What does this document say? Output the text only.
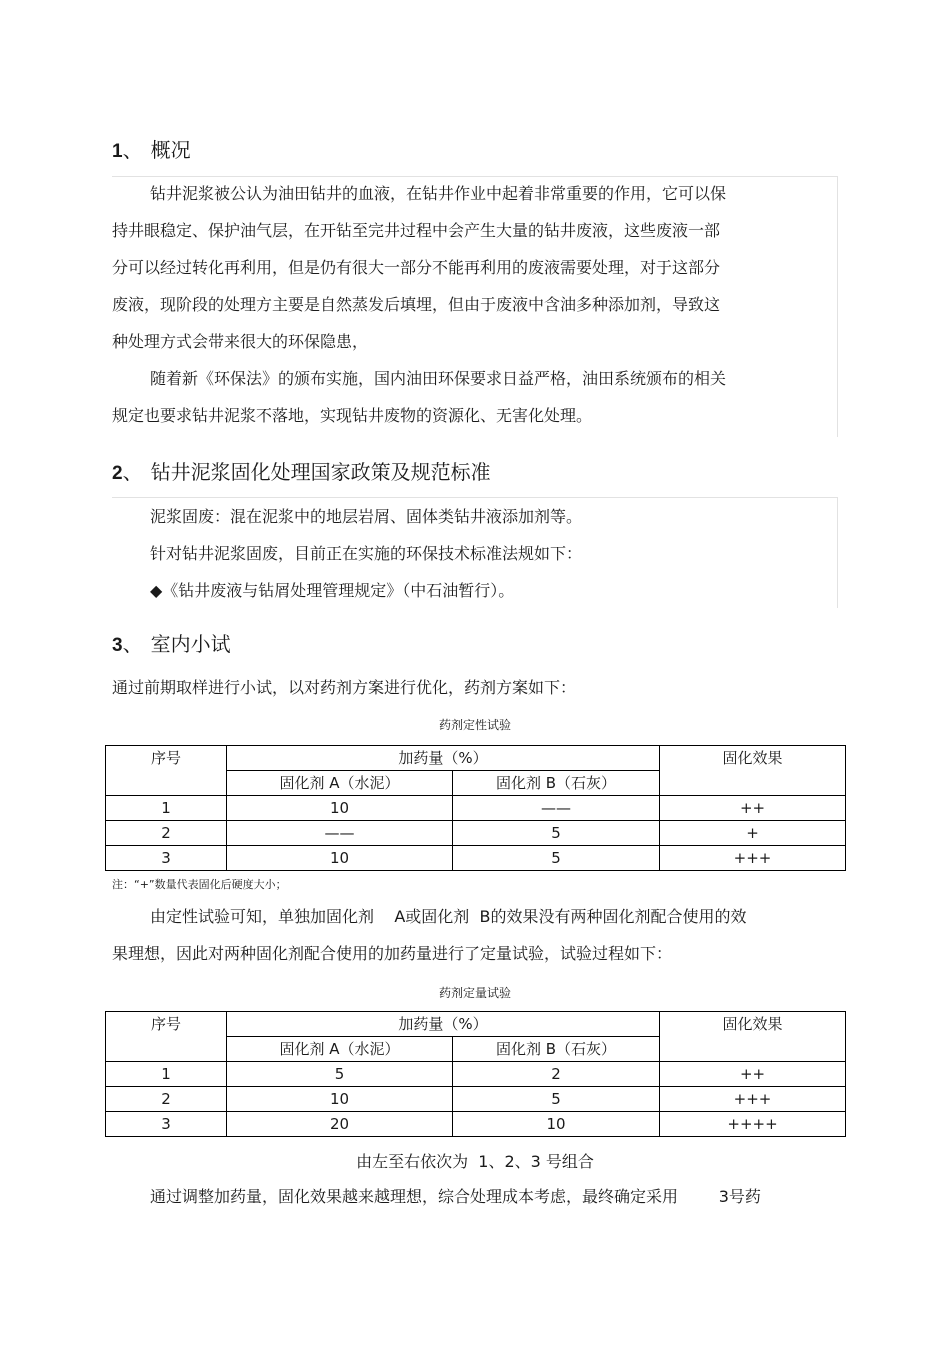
1、 概况
钻井泥浆被公认为油田钻井的血液，在钻井作业中起着非常重要的作用，它可以保
持井眼稳定、保护油气层，在开钻至完井过程中会产生大量的钻井废液，这些废液一部
分可以经过转化再利用，但是仍有很大一部分不能再利用的废液需要处理，对于这部分
废液，现阶段的处理方主要是自然蒸发后填埋，但由于废液中含油多种添加剂，导致这
种处理方式会带来很大的环保隐患，
随着新《环保法》的颁布实施，国内油田环保要求日益严格，油田系统颁布的相关
规定也要求钻井泥浆不落地，实现钻井废物的资源化、无害化处理。
2、 钻井泥浆固化处理国家政策及规范标准
泥浆固废：混在泥浆中的地层岩屑、固体类钻井液添加剂等。
针对钻井泥浆固废，目前正在实施的环保技术标准法规如下：
◆《钻井废液与钻屑处理管理规定》（中石油暂行）。
3、 室内小试
通过前期取样进行小试，以对药剂方案进行优化，药剂方案如下：
药剂定性试验
序号	加药量（%）		固化效果
	固化剂 A（水泥）	固化剂 B（石灰）	
1	10	——	++
2	——	5	+
3	10	5	+++
注：“+”数量代表固化后硬度大小；
由定性试验可知，单独加固化剂    A或固化剂  B的效果没有两种固化剂配合使用的效
果理想，因此对两种固化剂配合使用的加药量进行了定量试验，试验过程如下：
药剂定量试验
序号	加药量（%）		固化效果
	固化剂 A（水泥）	固化剂 B（石灰）	
1	5	2	++
2	10	5	+++
3	20	10	++++
由左至右依次为  1、2、3 号组合
通过调整加药量，固化效果越来越理想，综合处理成本考虑，最终确定采用        3号药
